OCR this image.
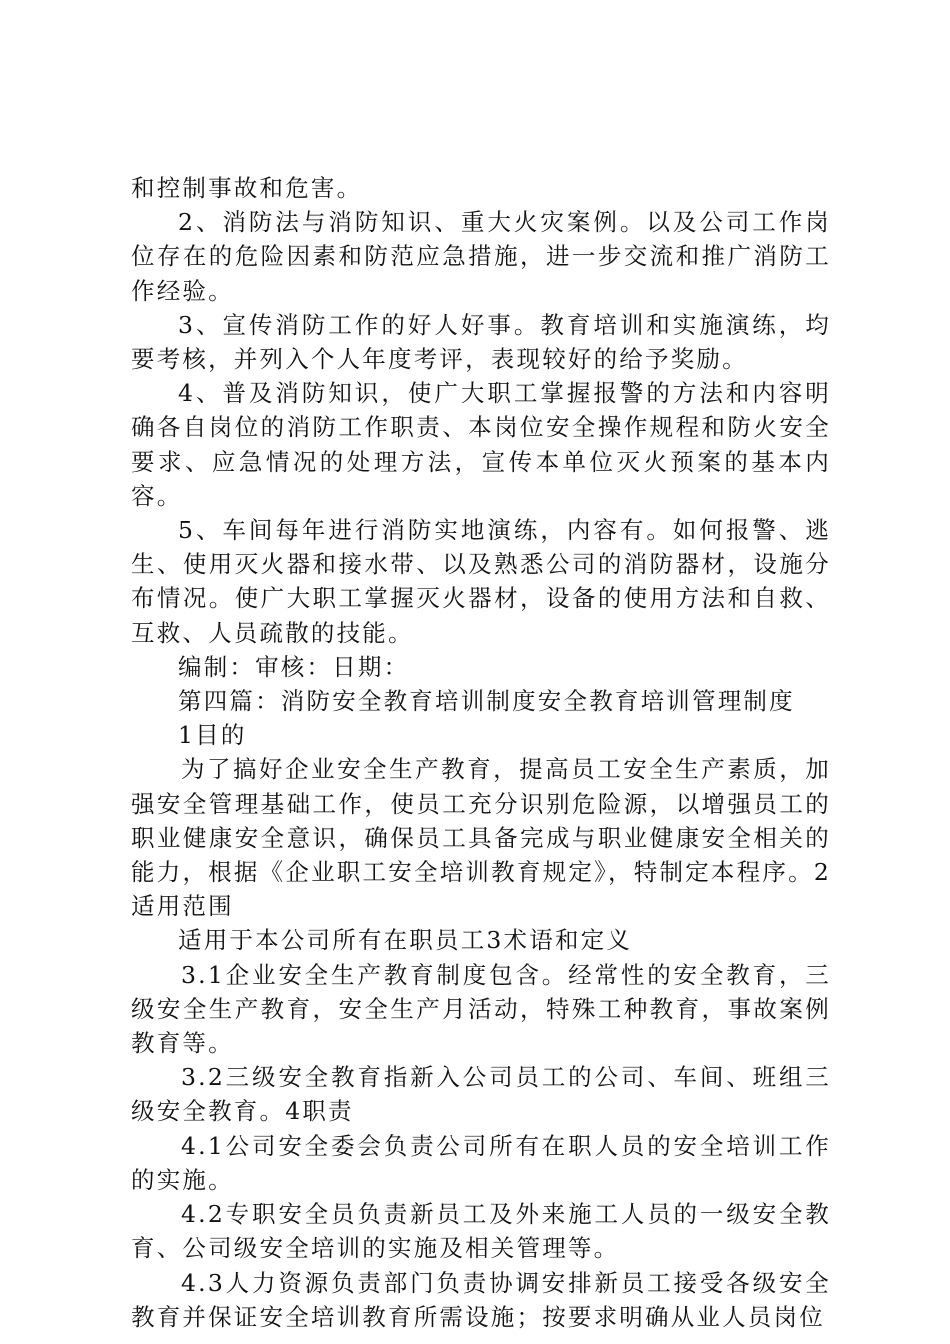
和控制事故和危害。

2、消防法与消防知识、重大火灾案例。以及公司工作岗位存在的危险因素和防范应急措施，进一步交流和推广消防工作经验。

3、宣传消防工作的好人好事。教育培训和实施演练，均要考核，并列入个人年度考评，表现较好的给予奖励。

4、普及消防知识，使广大职工掌握报警的方法和内容明确各自岗位的消防工作职责、本岗位安全操作规程和防火安全要求、应急情况的处理方法，宣传本单位灭火预案的基本内容。

5、车间每年进行消防实地演练，内容有。如何报警、逃生、使用灭火器和接水带、以及熟悉公司的消防器材，设施分布情况。使广大职工掌握灭火器材，设备的使用方法和自救、互救、人员疏散的技能。

编制：审核：日期：

第四篇：消防安全教育培训制度安全教育培训管理制度

1目的

为了搞好企业安全生产教育，提高员工安全生产素质，加强安全管理基础工作，使员工充分识别危险源，以增强员工的职业健康安全意识，确保员工具备完成与职业健康安全相关的能力，根据《企业职工安全培训教育规定》，特制定本程序。2适用范围

适用于本公司所有在职员工3术语和定义

3.1企业安全生产教育制度包含。经常性的安全教育，三级安全生产教育，安全生产月活动，特殊工种教育，事故案例教育等。

3.2三级安全教育指新入公司员工的公司、车间、班组三级安全教育。4职责

4.1公司安全委会负责公司所有在职人员的安全培训工作的实施。

4.2专职安全员负责新员工及外来施工人员的一级安全教育、公司级安全培训的实施及相关管理等。

4.3人力资源负责部门负责协调安排新员工接受各级安全教育并保证安全培训教育所需设施；按要求明确从业人员岗位
